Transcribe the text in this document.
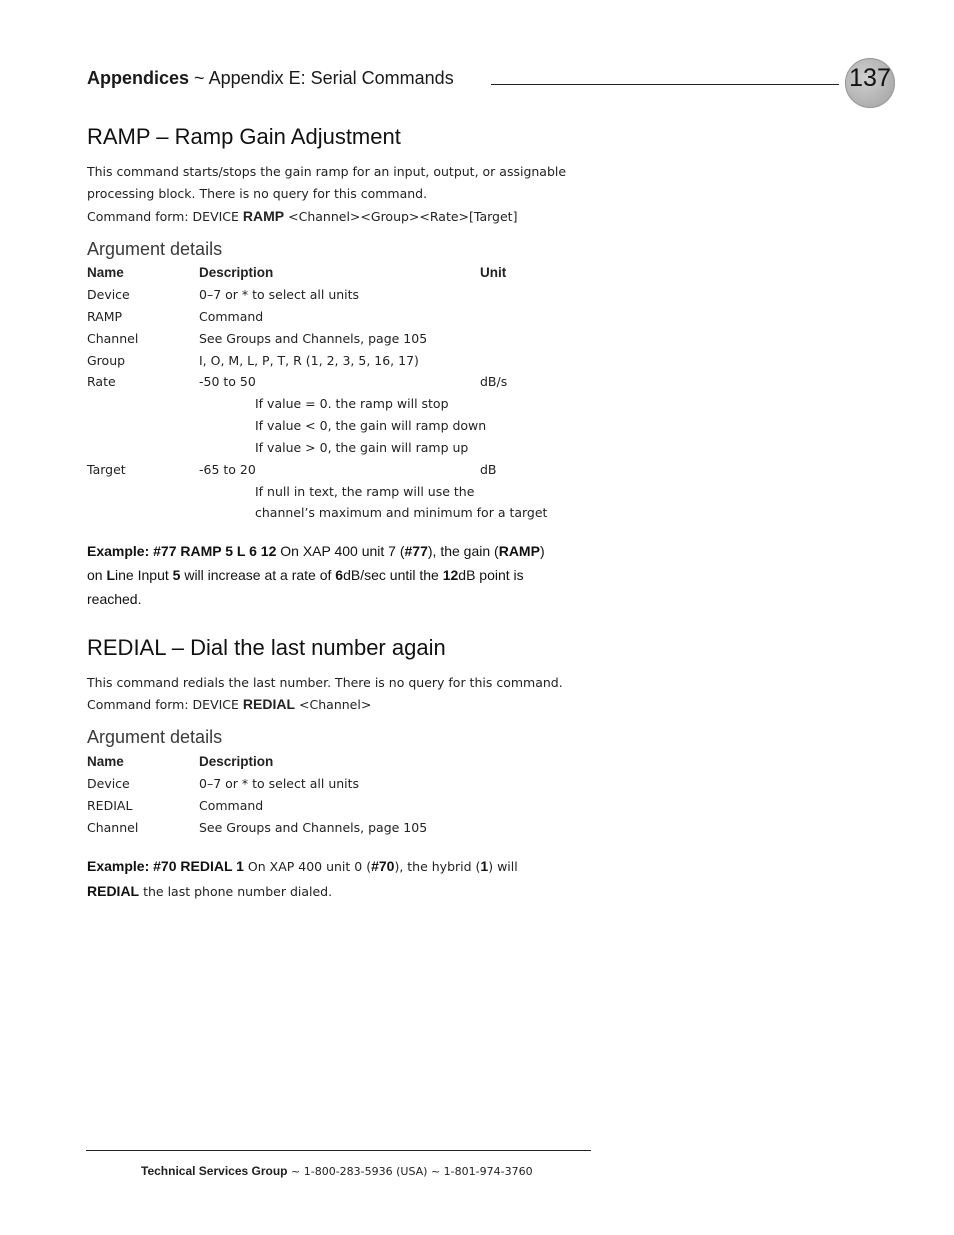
Appendices ~ Appendix E: Serial Commands	137
RAMP – Ramp Gain Adjustment
This command starts/stops the gain ramp for an input, output, or assignable
processing block. There is no query for this command.
Command form: DEVICE RAMP <Channel><Group><Rate>[Target]
Argument details
Name	Description	Unit
Device	0–7 or * to select all units
RAMP	Command
Channel	See Groups and Channels, page 105
Group	I, O, M, L, P, T, R (1, 2, 3, 5, 16, 17)
Rate	-50 to 50	dB/s
If value = 0. the ramp will stop
If value < 0, the gain will ramp down
If value > 0, the gain will ramp up
Target	-65 to 20	dB
If null in text, the ramp will use the
channel’s maximum and minimum for a target
Example: #77 RAMP 5 L 6 12 On XAP 400 unit 7 (#77), the gain (RAMP)
on Line Input 5 will increase at a rate of 6dB/sec until the 12dB point is
reached.
REDIAL – Dial the last number again
This command redials the last number. There is no query for this command.
Command form: DEVICE REDIAL <Channel>
Argument details
Name	Description
Device	0–7 or * to select all units
REDIAL	Command
Channel	See Groups and Channels, page 105
Example: #70 REDIAL 1 On XAP 400 unit 0 (#70), the hybrid (1) will
REDIAL the last phone number dialed.
Technical Services Group ~ 1-800-283-5936 (USA) ~ 1-801-974-3760
